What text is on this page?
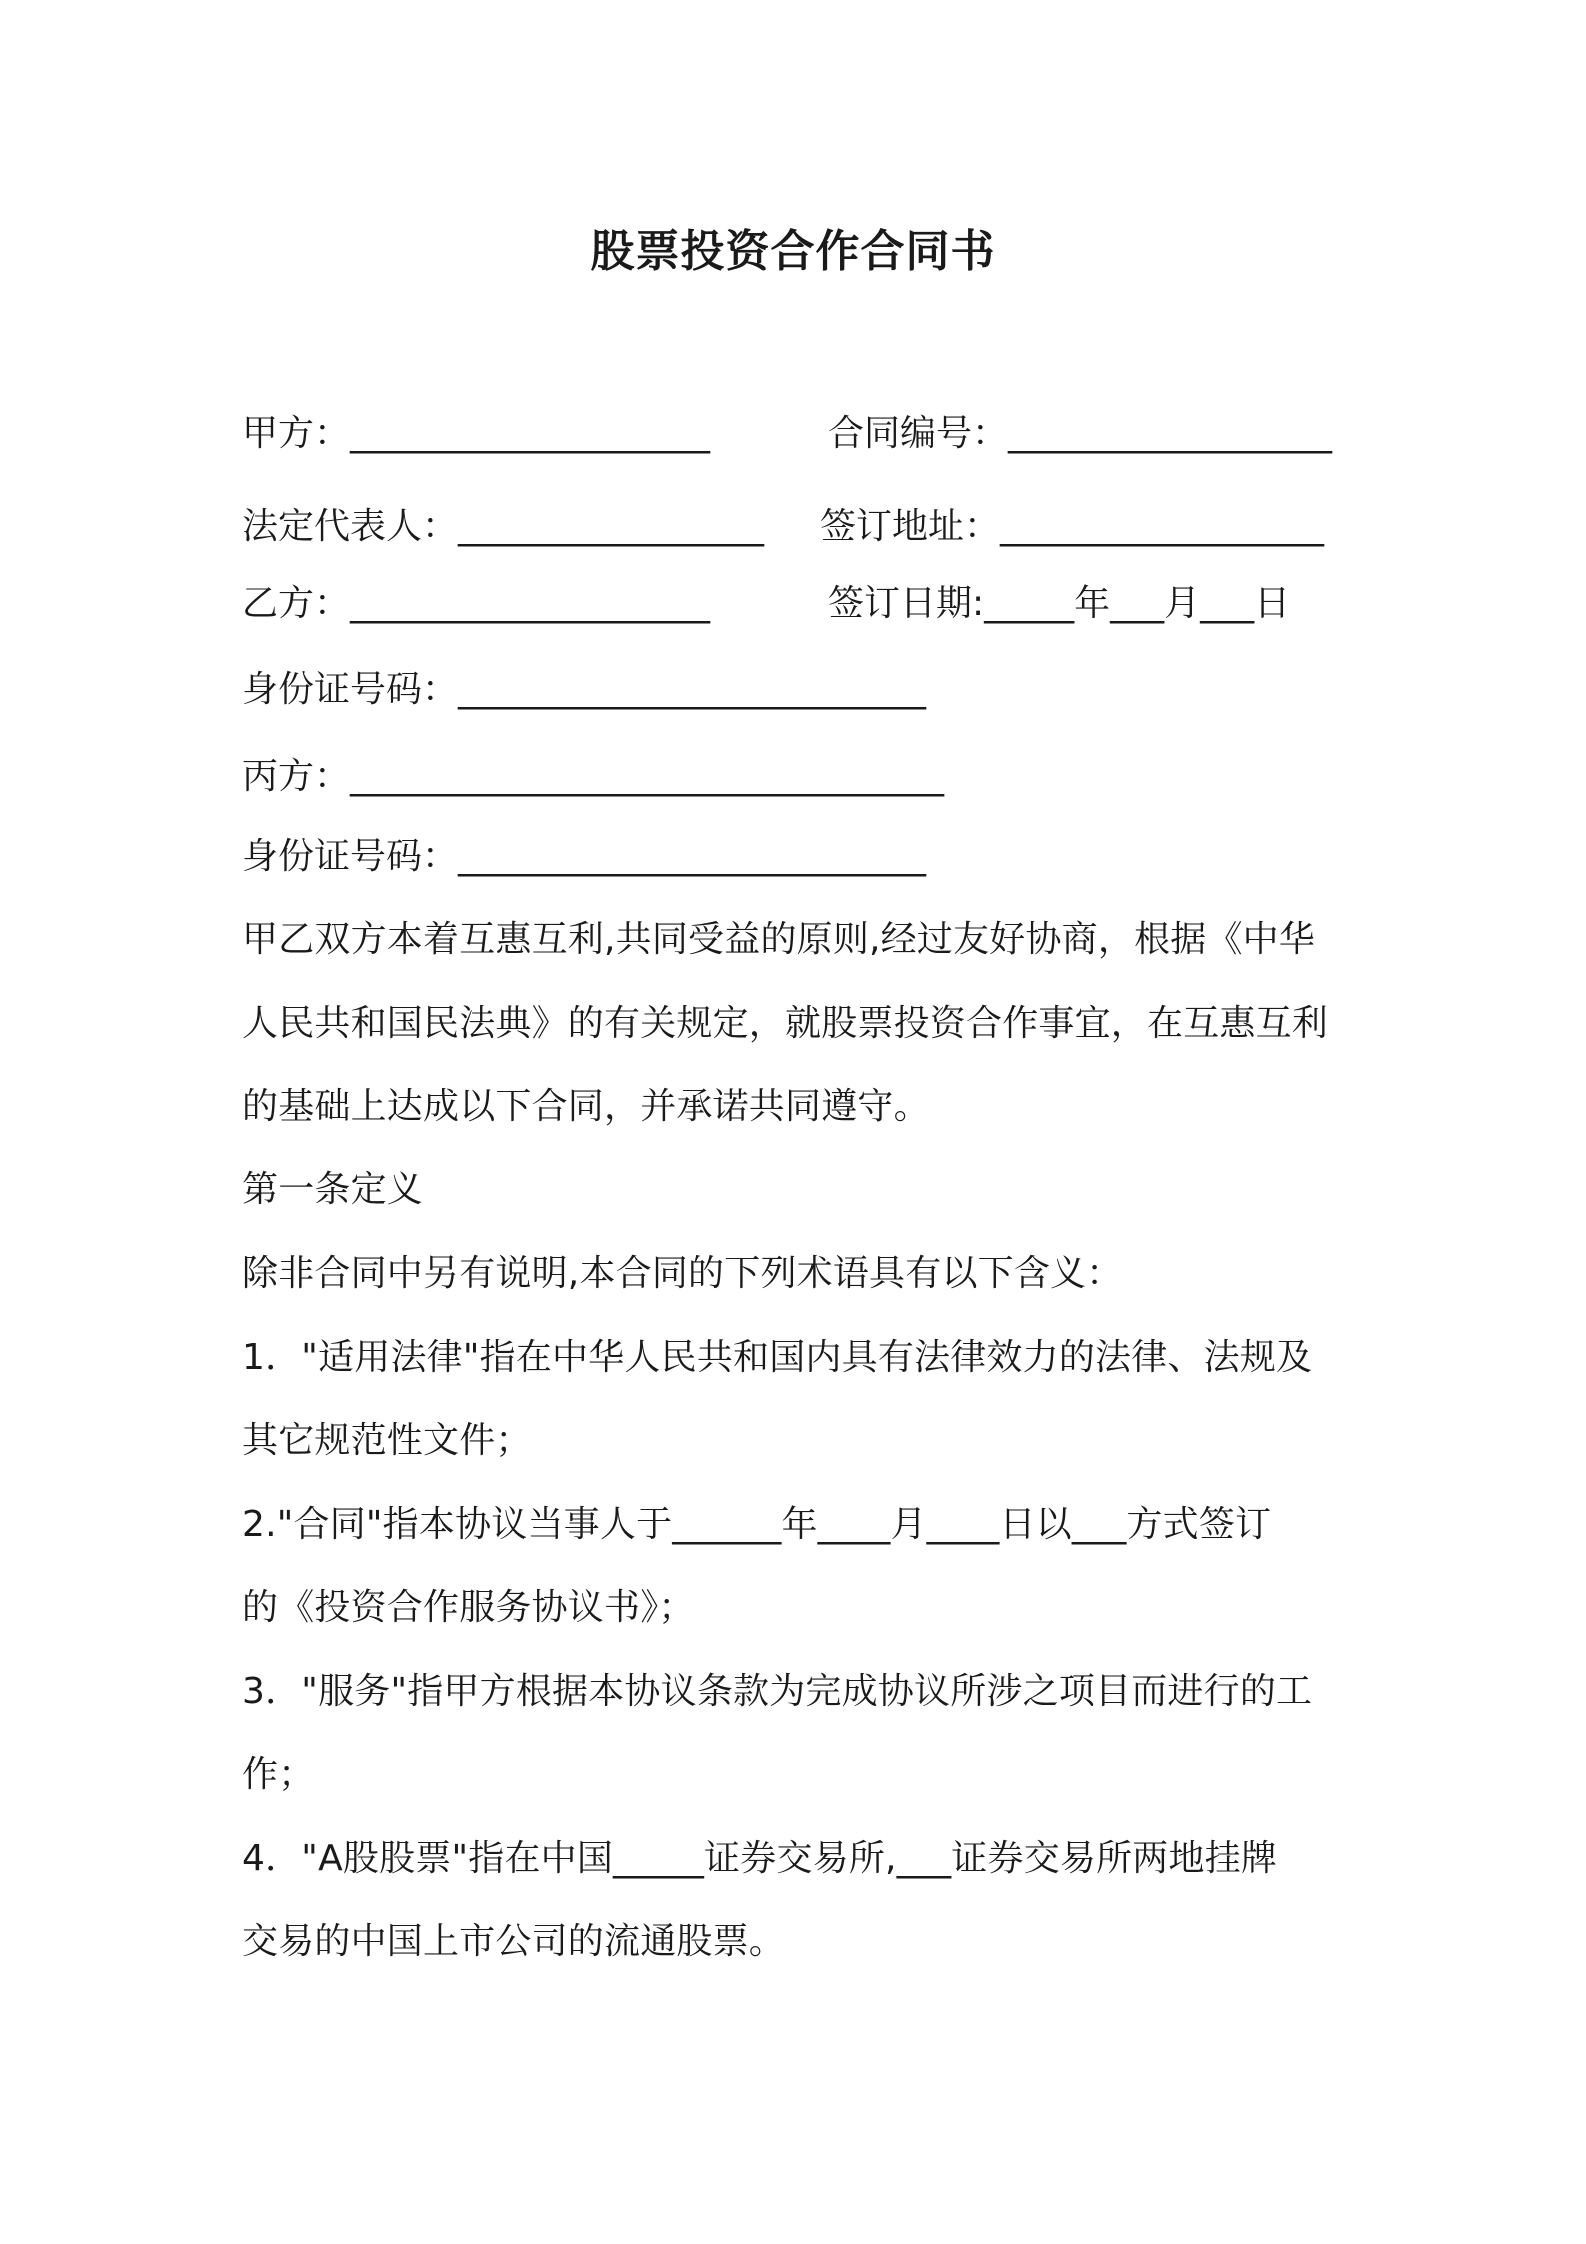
股票投资合作合同书
甲方：____________________	合同编号：__________________
法定代表人：_________________ 签订地址：__________________
乙方：____________________	签订日期:_____年___月___日
身份证号码：__________________________
丙方：_________________________________
身份证号码：__________________________
甲乙双方本着互惠互利,共同受益的原则,经过友好协商，根据《中华
人民共和国民法典》的有关规定，就股票投资合作事宜，在互惠互利
的基础上达成以下合同，并承诺共同遵守。
第一条定义
除非合同中另有说明,本合同的下列术语具有以下含义：
1．"适用法律"指在中华人民共和国内具有法律效力的法律、法规及
其它规范性文件；
2."合同"指本协议当事人于______年____月____日以___方式签订
的《投资合作服务协议书》；
3．"服务"指甲方根据本协议条款为完成协议所涉之项目而进行的工
作；
4．"A股股票"指在中国_____证券交易所,___证券交易所两地挂牌
交易的中国上市公司的流通股票。
